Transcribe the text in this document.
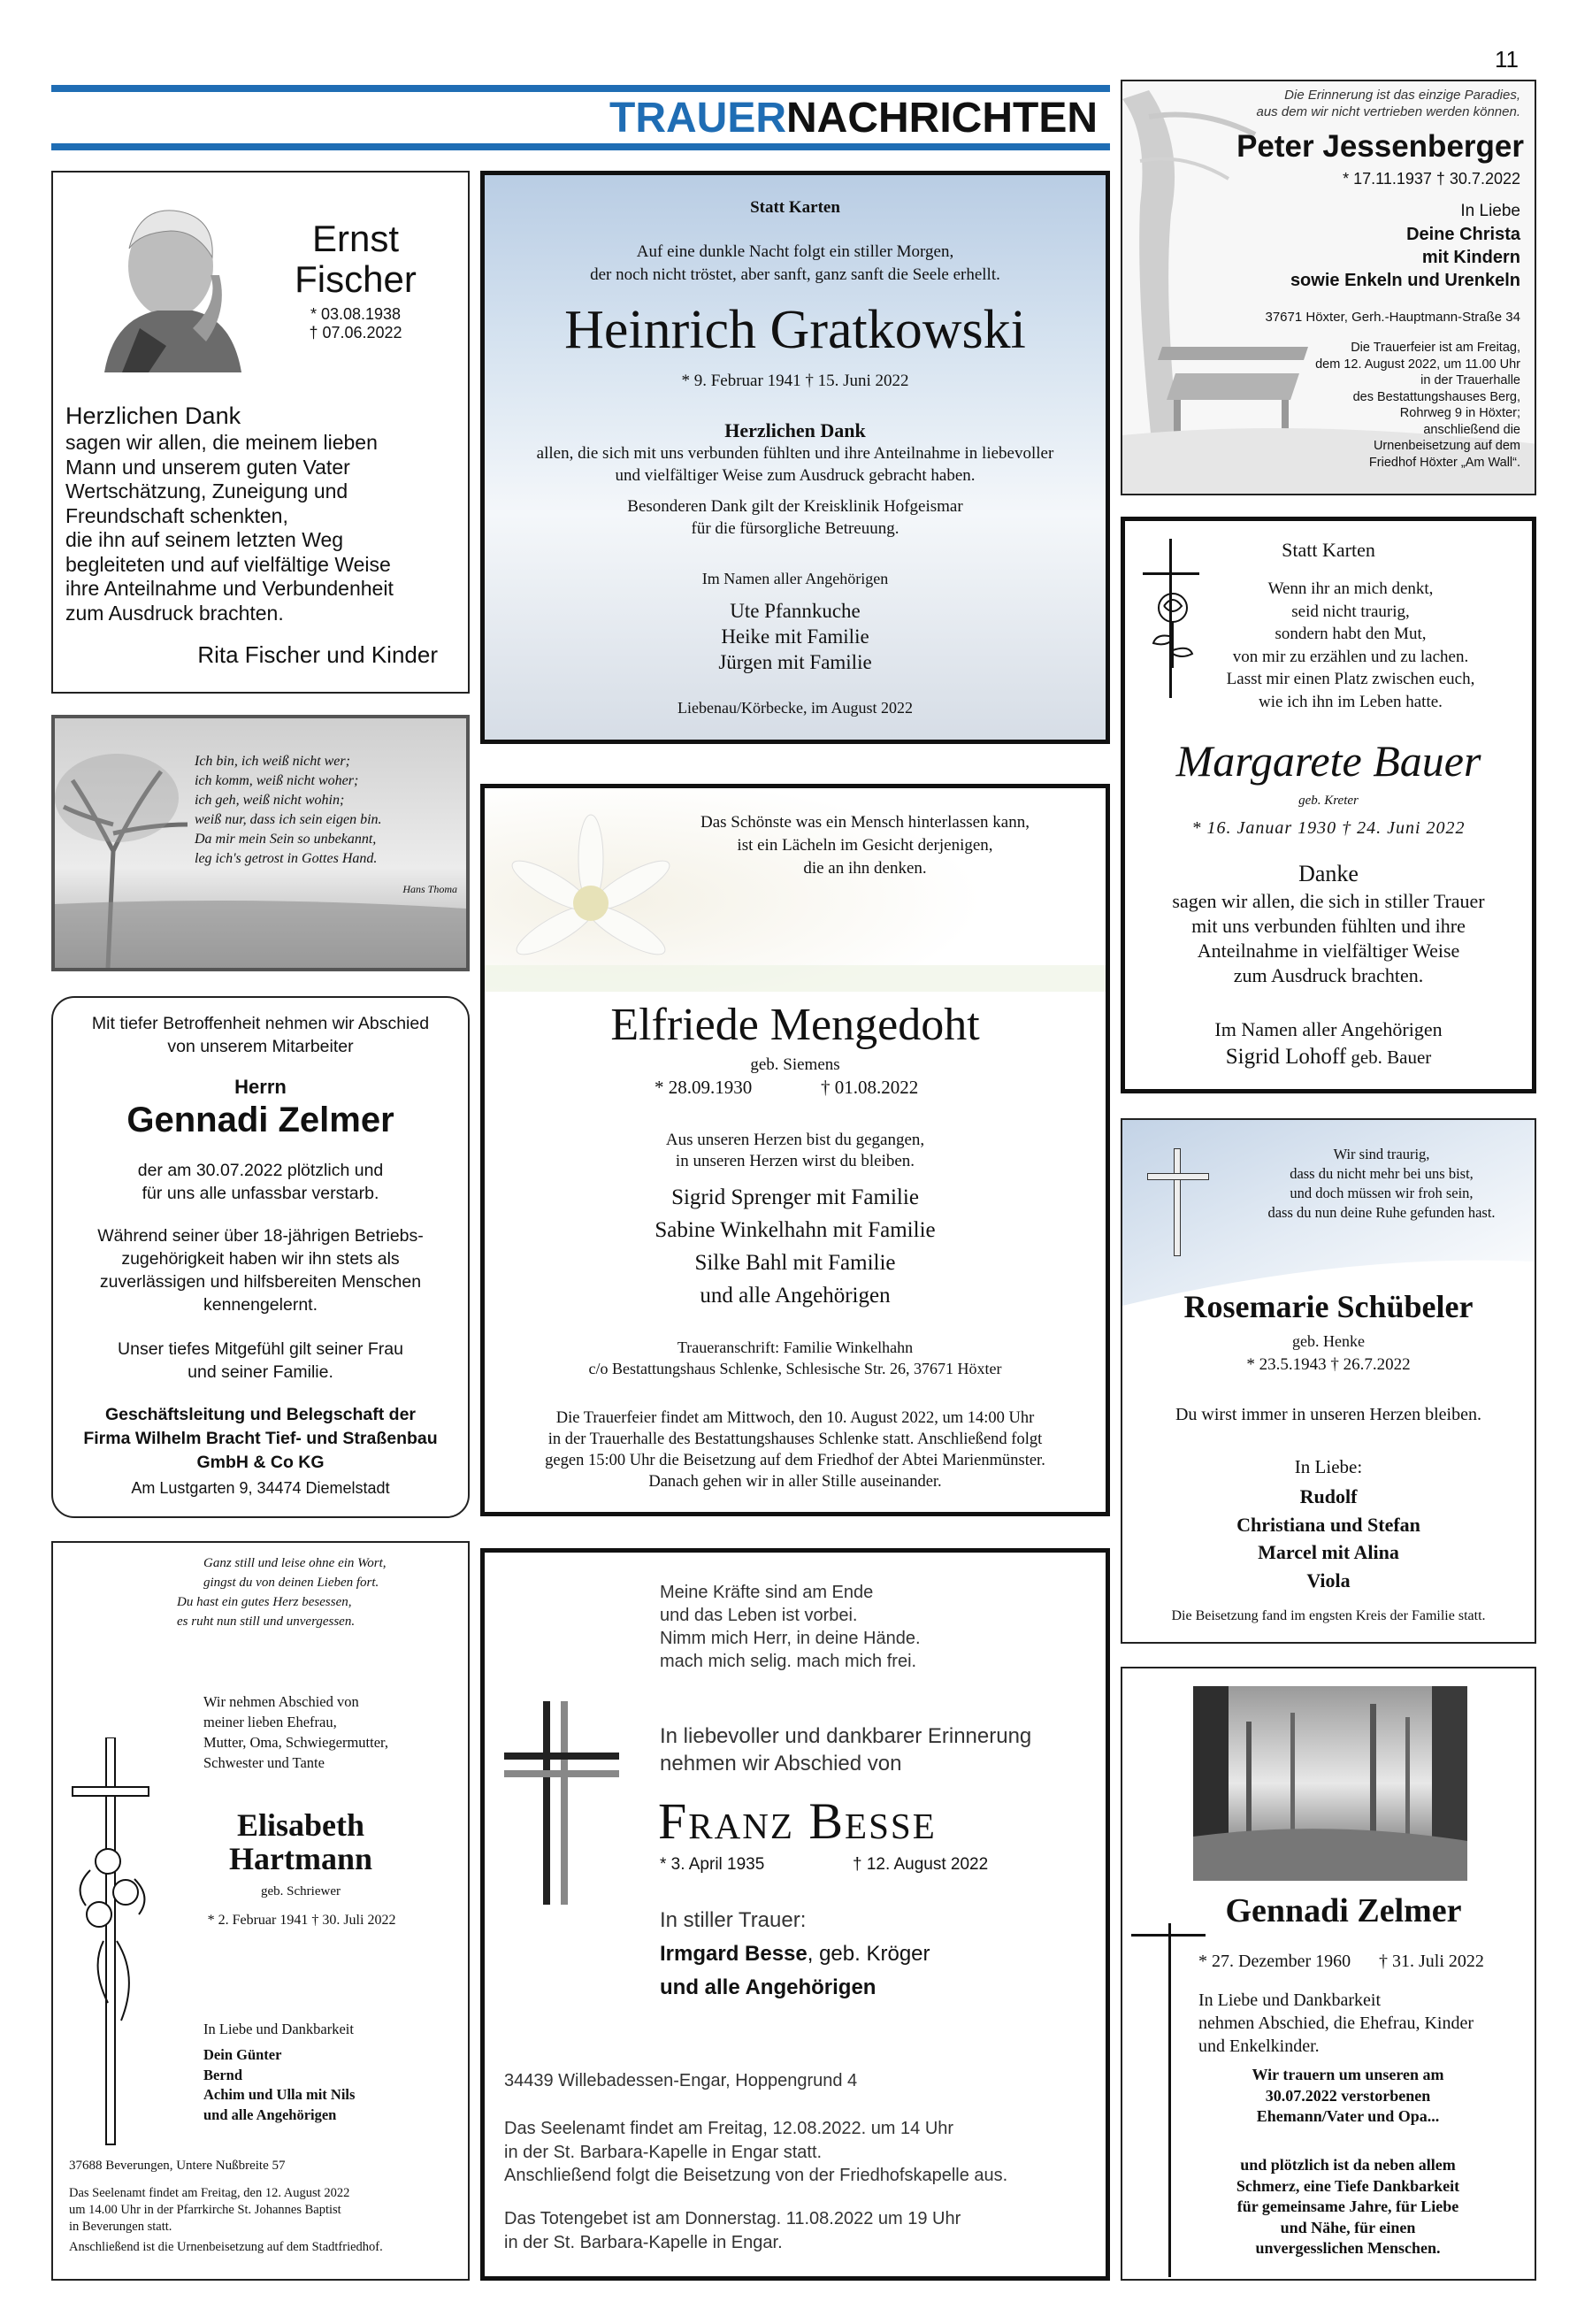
11
TRAUERNACHRICHTEN
Ernst
Fischer
* 03.08.1938
† 07.06.2022
Herzlichen Dank
sagen wir allen, die meinem lieben
Mann und unserem guten Vater
Wertschätzung, Zuneigung und
Freundschaft schenkten,
die ihn auf seinem letzten Weg
begleiteten und auf vielfältige Weise
ihre Anteilnahme und Verbundenheit
zum Ausdruck brachten.
Rita Fischer und Kinder
Statt Karten
Auf eine dunkle Nacht folgt ein stiller Morgen,
der noch nicht tröstet, aber sanft, ganz sanft die Seele erhellt.
Heinrich Gratkowski
* 9. Februar 1941 † 15. Juni 2022
Herzlichen Dank
allen, die sich mit uns verbunden fühlten und ihre Anteilnahme in liebevoller
und vielfältiger Weise zum Ausdruck gebracht haben.
Besonderen Dank gilt der Kreisklinik Hofgeismar
für die fürsorgliche Betreuung.
Im Namen aller Angehörigen
Ute Pfannkuche
Heike mit Familie
Jürgen mit Familie
Liebenau/Körbecke, im August 2022
Die Erinnerung ist das einzige Paradies,
aus dem wir nicht vertrieben werden können.
Peter Jessenberger
* 17.11.1937 † 30.7.2022
In Liebe
Deine Christa
mit Kindern
sowie Enkeln und Urenkeln
37671 Höxter, Gerh.-Hauptmann-Straße 34
Die Trauerfeier ist am Freitag,
dem 12. August 2022, um 11.00 Uhr
in der Trauerhalle
des Bestattungshauses Berg,
Rohrweg 9 in Höxter;
anschließend die
Urnenbeisetzung auf dem
Friedhof Höxter „Am Wall“.
Ich bin, ich weiß nicht wer;
ich komm, weiß nicht woher;
ich geh, weiß nicht wohin;
weiß nur, dass ich sein eigen bin.
Da mir mein Sein so unbekannt,
leg ich's getrost in Gottes Hand.
Hans Thoma
Statt Karten
Wenn ihr an mich denkt,
seid nicht traurig,
sondern habt den Mut,
von mir zu erzählen und zu lachen.
Lasst mir einen Platz zwischen euch,
wie ich ihn im Leben hatte.
Margarete Bauer
geb. Kreter
* 16. Januar 1930 † 24. Juni 2022
Danke
sagen wir allen, die sich in stiller Trauer
mit uns verbunden fühlten und ihre
Anteilnahme in vielfältiger Weise
zum Ausdruck brachten.
Im Namen aller Angehörigen
Sigrid Lohoff geb. Bauer
Das Schönste was ein Mensch hinterlassen kann,
ist ein Lächeln im Gesicht derjenigen,
die an ihn denken.
Elfriede Mengedoht
geb. Siemens
* 28.09.1930	† 01.08.2022
Aus unseren Herzen bist du gegangen,
in unseren Herzen wirst du bleiben.
Sigrid Sprenger mit Familie
Sabine Winkelhahn mit Familie
Silke Bahl mit Familie
und alle Angehörigen
Traueranschrift: Familie Winkelhahn
c/o Bestattungshaus Schlenke, Schlesische Str. 26, 37671 Höxter
Die Trauerfeier findet am Mittwoch, den 10. August 2022, um 14:00 Uhr
in der Trauerhalle des Bestattungshauses Schlenke statt. Anschließend folgt
gegen 15:00 Uhr die Beisetzung auf dem Friedhof der Abtei Marienmünster.
Danach gehen wir in aller Stille auseinander.
Mit tiefer Betroffenheit nehmen wir Abschied
von unserem Mitarbeiter
Herrn
Gennadi Zelmer
der am 30.07.2022 plötzlich und
für uns alle unfassbar verstarb.
Während seiner über 18-jährigen Betriebs-
zugehörigkeit haben wir ihn stets als
zuverlässigen und hilfsbereiten Menschen
kennengelernt.
Unser tiefes Mitgefühl gilt seiner Frau
und seiner Familie.
Geschäftsleitung und Belegschaft der
Firma Wilhelm Bracht Tief- und Straßenbau
GmbH & Co KG
Am Lustgarten 9, 34474 Diemelstadt
Wir sind traurig,
dass du nicht mehr bei uns bist,
und doch müssen wir froh sein,
dass du nun deine Ruhe gefunden hast.
Rosemarie Schübeler
geb. Henke
* 23.5.1943 † 26.7.2022
Du wirst immer in unseren Herzen bleiben.
In Liebe:
Rudolf
Christiana und Stefan
Marcel mit Alina
Viola
Die Beisetzung fand im engsten Kreis der Familie statt.
Ganz still und leise ohne ein Wort,
gingst du von deinen Lieben fort.
Du hast ein gutes Herz besessen,
es ruht nun still und unvergessen.
Wir nehmen Abschied von
meiner lieben Ehefrau,
Mutter, Oma, Schwiegermutter,
Schwester und Tante
Elisabeth
Hartmann
geb. Schriewer
* 2. Februar 1941 † 30. Juli 2022
In Liebe und Dankbarkeit
Dein Günter
Bernd
Achim und Ulla mit Nils
und alle Angehörigen
37688 Beverungen, Untere Nußbreite 57
Das Seelenamt findet am Freitag, den 12. August 2022
um 14.00 Uhr in der Pfarrkirche St. Johannes Baptist
in Beverungen statt.
Anschließend ist die Urnenbeisetzung auf dem Stadtfriedhof.
Meine Kräfte sind am Ende
und das Leben ist vorbei.
Nimm mich Herr, in deine Hände.
mach mich selig. mach mich frei.
In liebevoller und dankbarer Erinnerung
nehmen wir Abschied von
Franz Besse
* 3. April 1935	† 12. August 2022
In stiller Trauer:
Irmgard Besse, geb. Kröger
und alle Angehörigen
34439 Willebadessen-Engar, Hoppengrund 4
Das Seelenamt findet am Freitag, 12.08.2022. um 14 Uhr
in der St. Barbara-Kapelle in Engar statt.
Anschließend folgt die Beisetzung von der Friedhofskapelle aus.
Das Totengebet ist am Donnerstag. 11.08.2022 um 19 Uhr
in der St. Barbara-Kapelle in Engar.
Gennadi Zelmer
* 27. Dezember 1960 † 31. Juli 2022
In Liebe und Dankbarkeit
nehmen Abschied, die Ehefrau, Kinder
und Enkelkinder.
Wir trauern um unseren am
30.07.2022 verstorbenen
Ehemann/Vater und Opa...
und plötzlich ist da neben allem
Schmerz, eine Tiefe Dankbarkeit
für gemeinsame Jahre, für Liebe
und Nähe, für einen
unvergesslichen Menschen.
